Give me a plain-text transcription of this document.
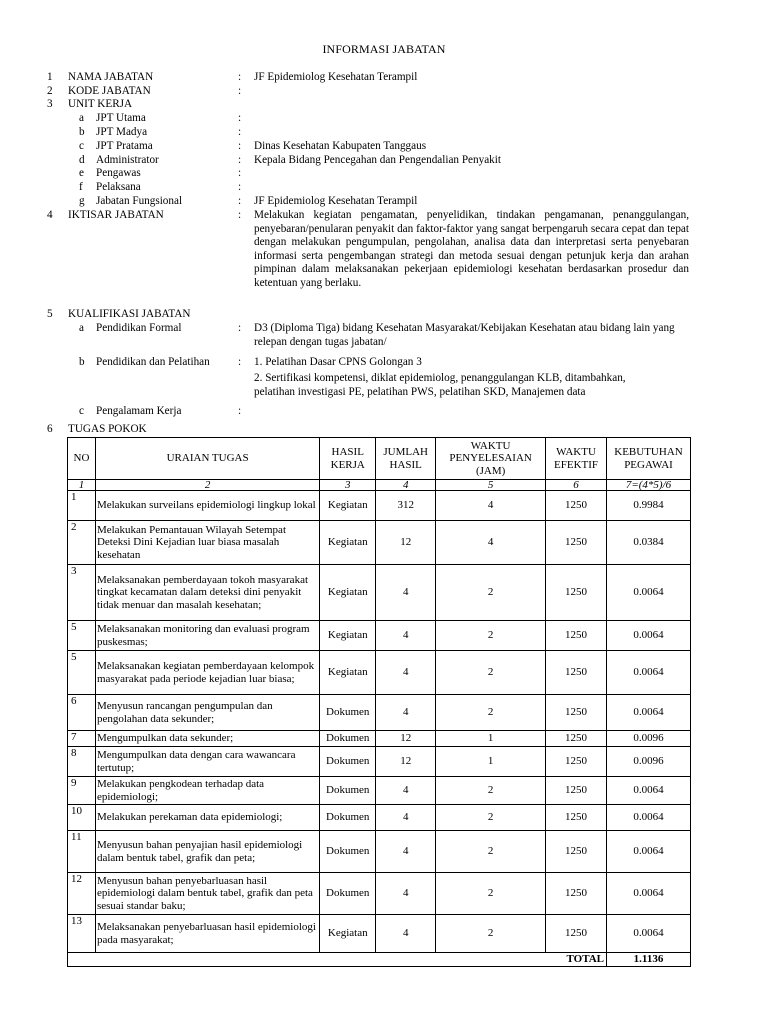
INFORMASI JABATAN
1 NAMA JABATAN	: JF Epidemiolog Kesehatan Terampil
2 KODE JABATAN	:
3 UNIT KERJA
a JPT Utama	:
b JPT Madya	:
c JPT Pratama	: Dinas Kesehatan Kabupaten Tanggaus
d Administrator	: Kepala Bidang Pencegahan dan Pengendalian Penyakit
e Pengawas	:
f Pelaksana	:
g Jabatan Fungsional	: JF Epidemiolog Kesehatan Terampil
4 IKTISAR JABATAN	: Melakukan kegiatan pengamatan, penyelidikan, tindakan pengamanan, penanggulangan, penyebaran/penularan penyakit dan faktor-faktor yang sangat berpengaruh secara cepat dan tepat dengan melakukan pengumpulan, pengolahan, analisa data dan interpretasi serta penyebaran informasi serta pengembangan strategi dan metoda sesuai dengan petunjuk kerja dan arahan pimpinan dalam melaksanakan pekerjaan epidemiologi kesehatan berdasarkan prosedur dan ketentuan yang berlaku.
5 KUALIFIKASI JABATAN
a Pendidikan Formal	: D3 (Diploma Tiga) bidang Kesehatan Masyarakat/Kebijakan Kesehatan atau bidang lain yang relepan dengan tugas jabatan/
b Pendidikan dan Pelatihan	: 1. Pelatihan Dasar CPNS Golongan 3
2. Sertifikasi kompetensi, diklat epidemiolog, penanggulangan KLB, ditambahkan, pelatihan investigasi PE, pelatihan PWS, pelatihan SKD, Manajemen data
c Pengalamam Kerja	:
6 TUGAS POKOK
NO	URAIAN TUGAS	HASIL KERJA	JUMLAH HASIL	WAKTU PENYELESAIAN (JAM)	WAKTU EFEKTIF	KEBUTUHAN PEGAWAI
1	2	3	4	5	6	7=(4*5)/6
1	Melakukan surveilans epidemiologi lingkup lokal	Kegiatan	312	4	1250	0.9984
2	Melakukan Pemantauan Wilayah Setempat Deteksi Dini Kejadian luar biasa masalah kesehatan	Kegiatan	12	4	1250	0.0384
3	Melaksanakan pemberdayaan tokoh masyarakat tingkat kecamatan dalam deteksi dini penyakit tidak menuar dan masalah kesehatan;	Kegiatan	4	2	1250	0.0064
5	Melaksanakan monitoring dan evaluasi program puskesmas;	Kegiatan	4	2	1250	0.0064
5	Melaksanakan kegiatan pemberdayaan kelompok masyarakat pada periode kejadian luar biasa;	Kegiatan	4	2	1250	0.0064
6	Menyusun rancangan pengumpulan dan pengolahan data sekunder;	Dokumen	4	2	1250	0.0064
7	Mengumpulkan data sekunder;	Dokumen	12	1	1250	0.0096
8	Mengumpulkan data dengan cara wawancara tertutup;	Dokumen	12	1	1250	0.0096
9	Melakukan pengkodean terhadap data epidemiologi;	Dokumen	4	2	1250	0.0064
10	Melakukan perekaman data epidemiologi;	Dokumen	4	2	1250	0.0064
11	Menyusun bahan penyajian hasil epidemiologi dalam bentuk tabel, grafik dan peta;	Dokumen	4	2	1250	0.0064
12	Menyusun bahan penyebarluasan hasil epidemiologi dalam bentuk tabel, grafik dan peta sesuai standar baku;	Dokumen	4	2	1250	0.0064
13	Melaksanakan penyebarluasan hasil epidemiologi pada masyarakat;	Kegiatan	4	2	1250	0.0064
TOTAL						1.1136
